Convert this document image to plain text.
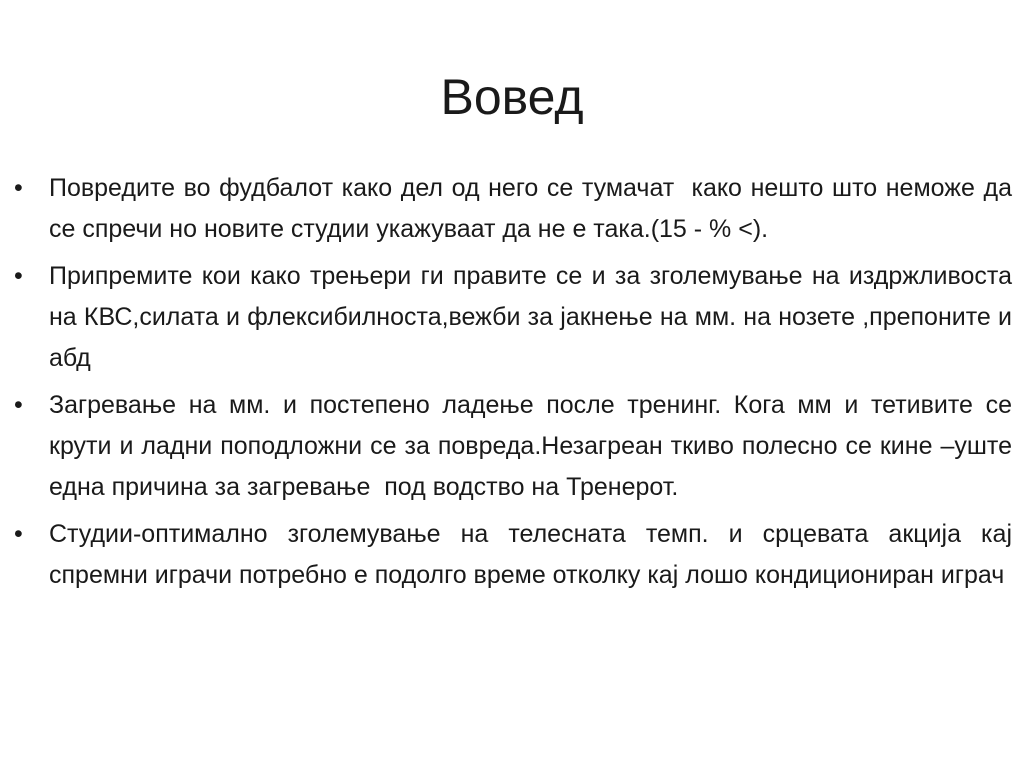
Вовед
•	Повредите во фудбалот како дел од него се тумачат  како нешто што неможе да се спречи но новите студии укажуваат да не е така.(15 - % <).
•	Припремите кои како трењери ги правите се и за зголемување на издржливоста на КВС,силата и флексибилноста,вежби за јакнење на мм. на нозете ,препоните и абд
•	Загревање на мм. и постепено ладење после тренинг. Кога мм и тетивите се крути и ладни поподложни се за повреда.Незагреан ткиво полесно се кине –уште една причина за загревање  под водство на Тренерот.
•	Студии-оптимално зголемување на телесната темп. и срцевата акција кај спремни играчи потребно е подолго време отколку кај лошо кондициониран играч
